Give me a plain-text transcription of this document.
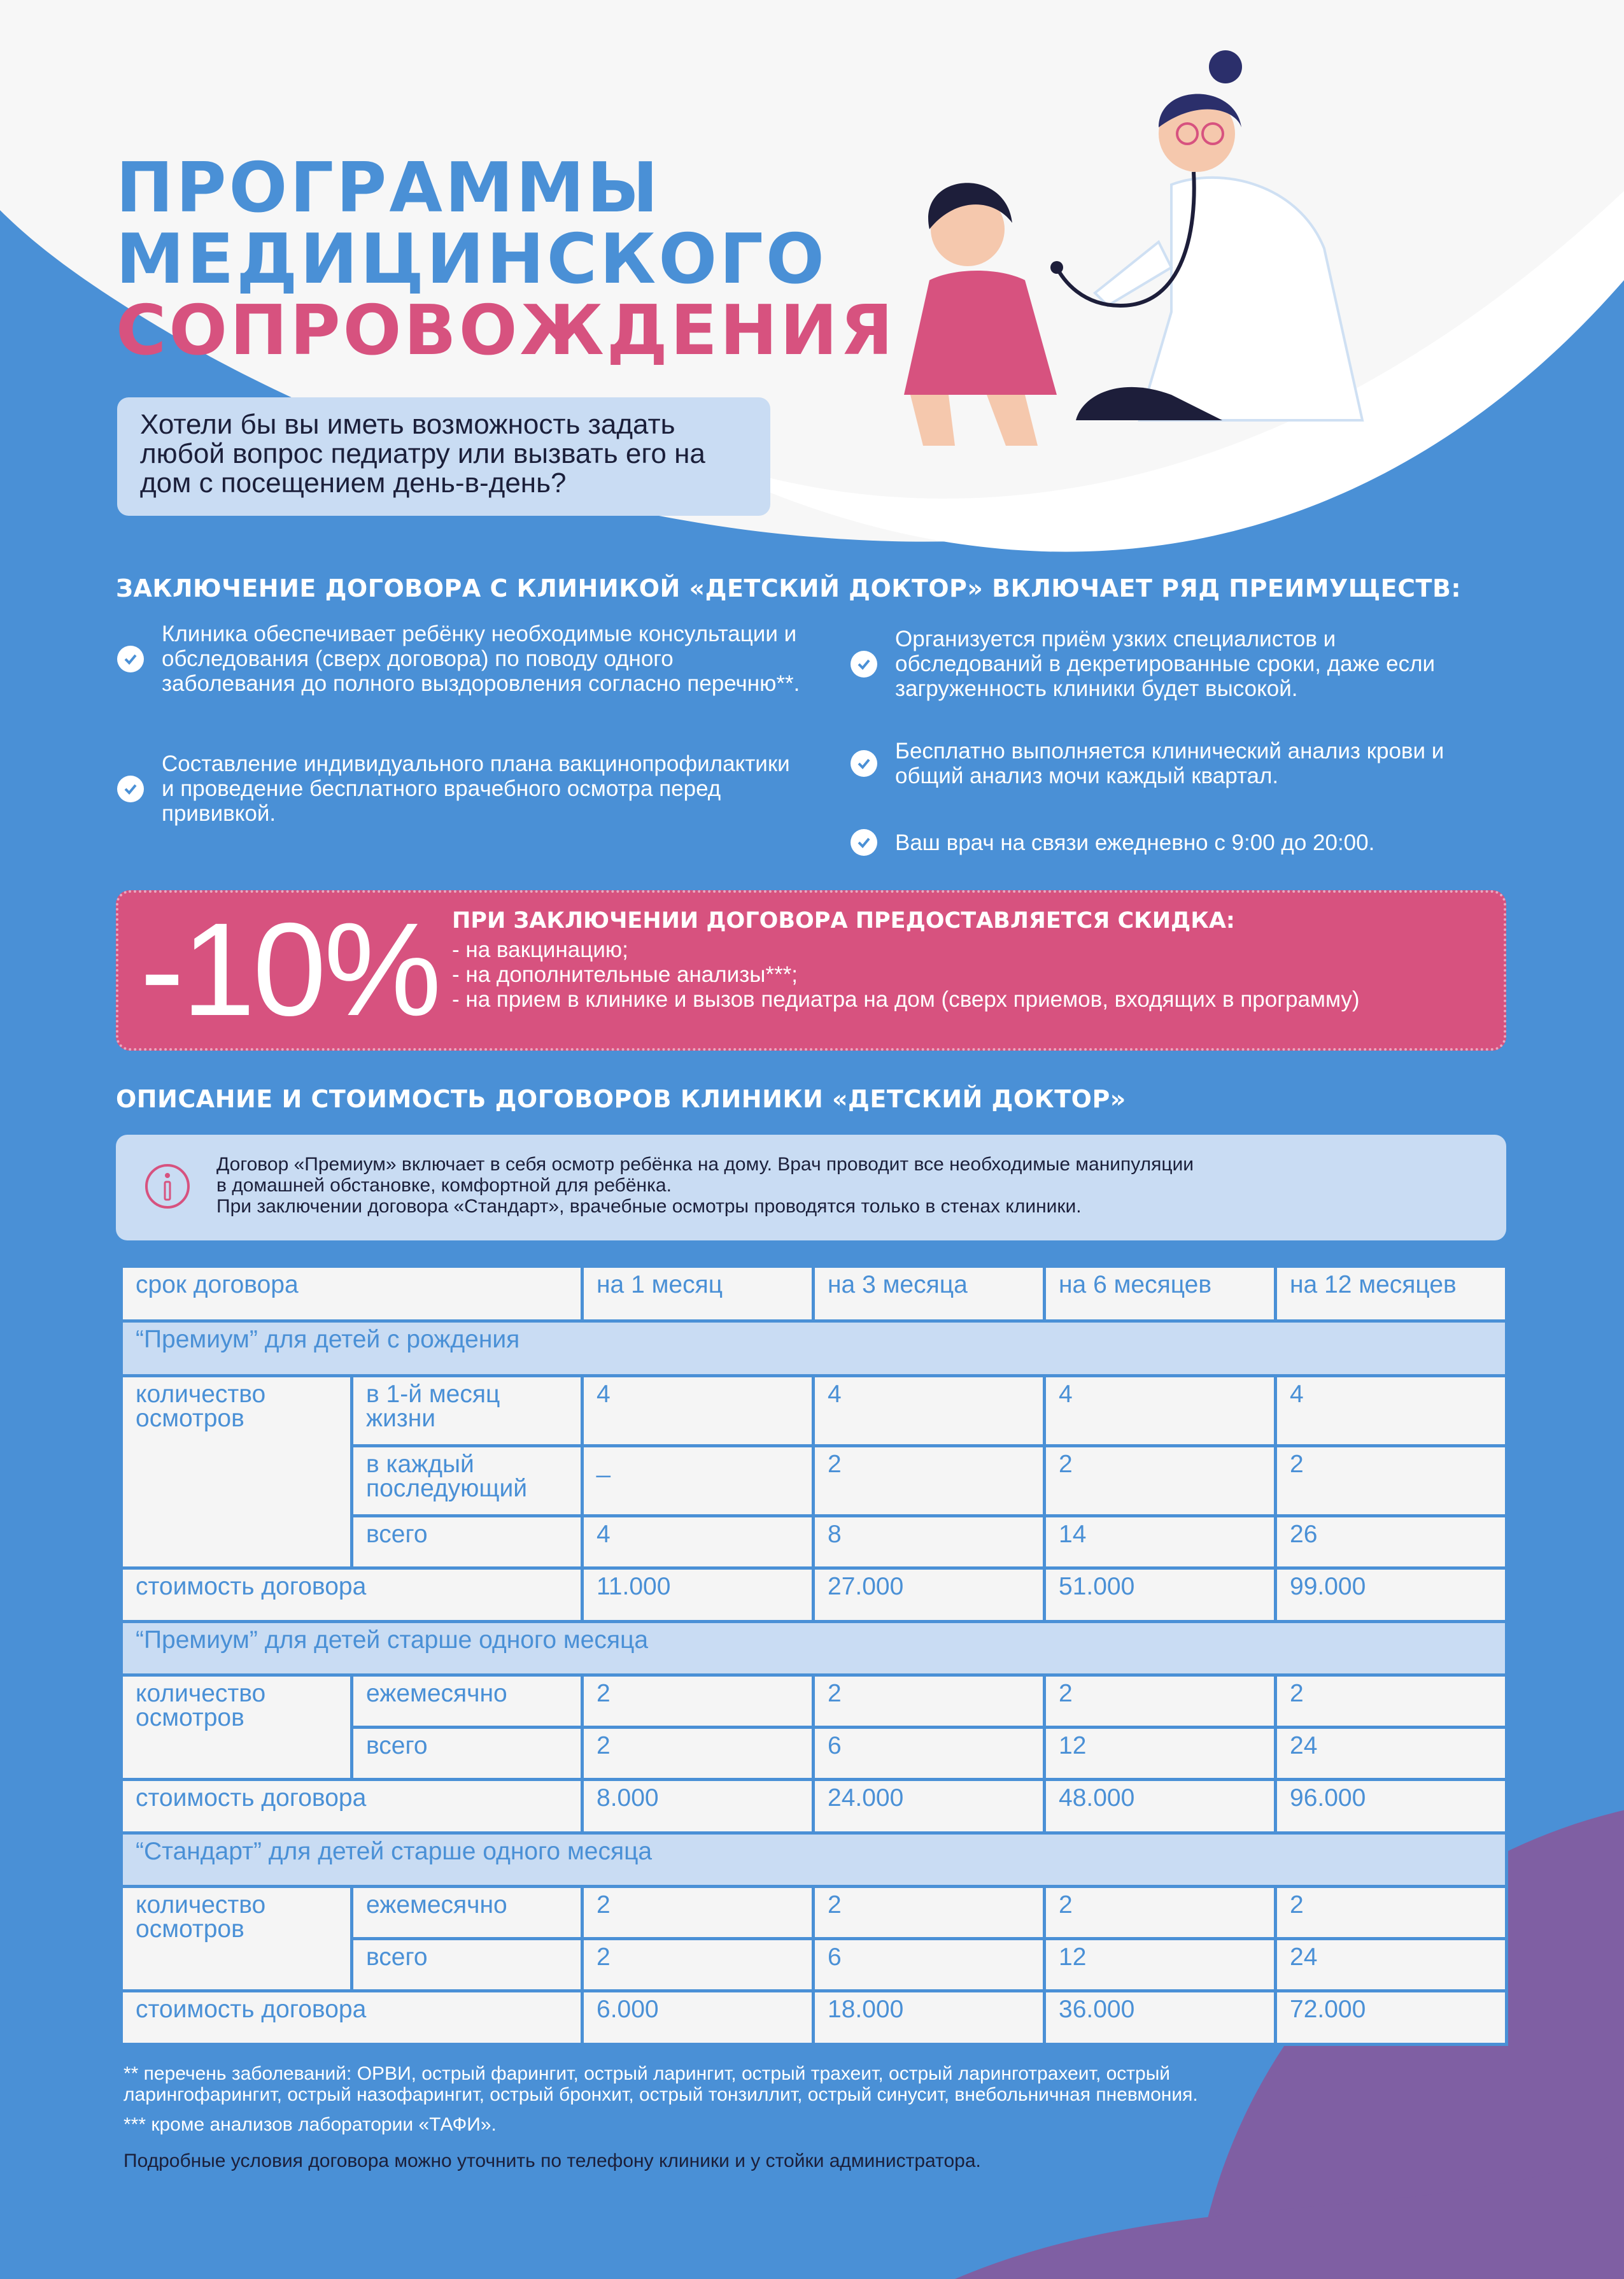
ПРОГРАММЫ
МЕДИЦИНСКОГО
СОПРОВОЖДЕНИЯ

Хотели бы вы иметь возможность задать любой вопрос педиатру или вызвать его на дом с посещением день-в-день?

ЗАКЛЮЧЕНИЕ ДОГОВОРА С КЛИНИКОЙ «ДЕТСКИЙ ДОКТОР» ВКЛЮЧАЕТ РЯД ПРЕИМУЩЕСТВ:
Клиника обеспечивает ребёнку необходимые консультации и обследования (сверх договора) по поводу одного заболевания до полного выздоровления согласно перечню**.
Составление индивидуального плана вакцинопрофилактики и проведение бесплатного врачебного осмотра перед прививкой.
Организуется приём узких специалистов и обследований в декретированные сроки, даже если загруженность клиники будет высокой.
Бесплатно выполняется клинический анализ крови и общий анализ мочи каждый квартал.
Ваш врач на связи ежедневно с 9:00 до 20:00.
-10% ПРИ ЗАКЛЮЧЕНИИ ДОГОВОРА ПРЕДОСТАВЛЯЕТСЯ СКИДКА:

- на вакцинацию;
- на дополнительные анализы***;
- на прием в клинике и вызов педиатра на дом (сверх приемов, входящих в программу)
ОПИСАНИЕ И СТОИМОСТЬ ДОГОВОРОВ КЛИНИКИ «ДЕТСКИЙ ДОКТОР»
Договор «Премиум» включает в себя осмотр ребёнка на дому. Врач проводит все необходимые манипуляции
в домашней обстановке, комфортной для ребёнка.
При заключении договора «Стандарт», врачебные осмотры проводятся только в стенах клиники.
срок договора		на 1 месяц	на 3 месяца	на 6 месяцев	на 12 месяцев
“Премиум” для детей с рождения					
количество осмотров	в 1-й месяц жизни	4	4	4	4
	в каждый последующий	_	2	2	2
	всего	4	8	14	26
стоимость договора		11.000	27.000	51.000	99.000
“Премиум” для детей старше одного месяца					
количество осмотров	ежемесячно	2	2	2	2
	всего	2	6	12	24
стоимость договора		8.000	24.000	48.000	96.000
“Стандарт” для детей старше одного месяца					
количество осмотров	ежемесячно	2	2	2	2
	всего	2	6	12	24
стоимость договора		6.000	18.000	36.000	72.000
** перечень заболеваний: ОРВИ, острый фарингит, острый ларингит, острый трахеит, острый ларинготрахеит, острый
ларингофарингит, острый назофарингит, острый бронхит, острый тонзиллит, острый синусит, внебольничная пневмония.
*** кроме анализов лаборатории «ТАФИ».
Подробные условия договора можно уточнить по телефону клиники и у стойки администратора.
